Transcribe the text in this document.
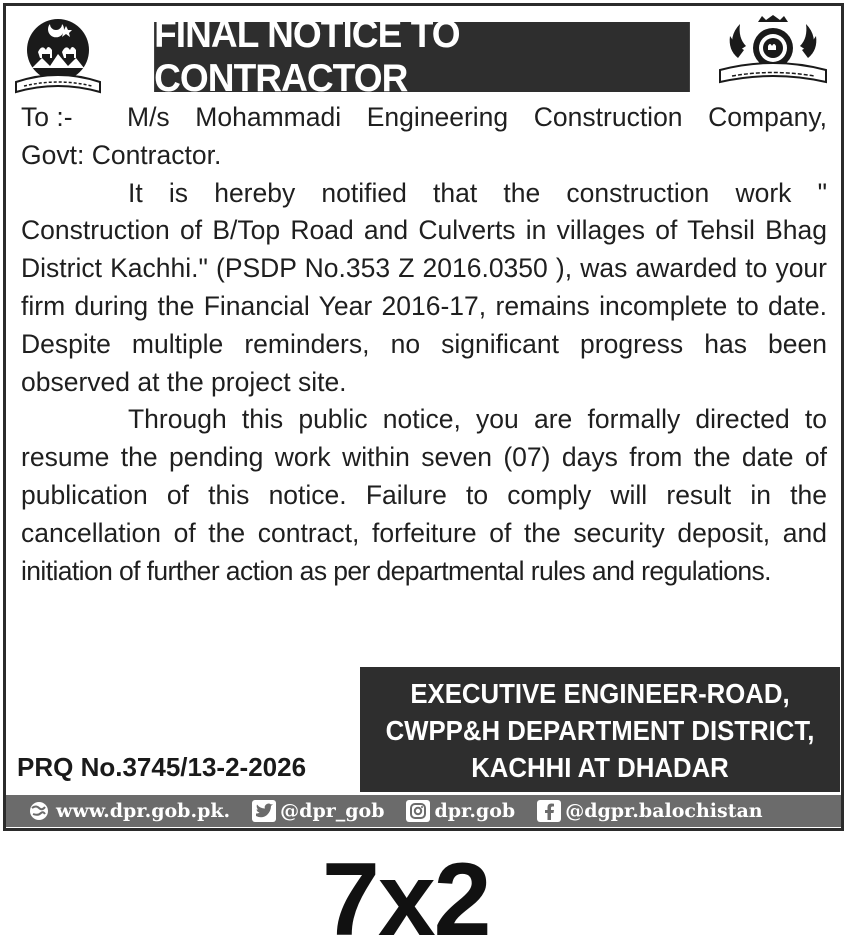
FINAL NOTICE TO CONTRACTOR
To :-	M/s Mohammadi Engineering Construction Company,
Govt: Contractor.
It is hereby notified that the construction work "
Construction of B/Top Road and Culverts in villages of Tehsil Bhag
District Kachhi." (PSDP No.353 Z 2016.0350 ), was awarded to your
firm during the Financial Year 2016-17, remains incomplete to date.
Despite multiple reminders, no significant progress has been
observed at the project site.
Through this public notice, you are formally directed to
resume the pending work within seven (07) days from the date of
publication of this notice. Failure to comply will result in the
cancellation of the contract, forfeiture of the security deposit, and
initiation of further action as per departmental rules and regulations.
PRQ No.3745/13-2-2026
EXECUTIVE ENGINEER-ROAD,
CWPP&H DEPARTMENT DISTRICT,
KACHHI AT DHADAR
www.dpr.gob.pk.	@dpr_gob	dpr.gob	@dgpr.balochistan
7x2
